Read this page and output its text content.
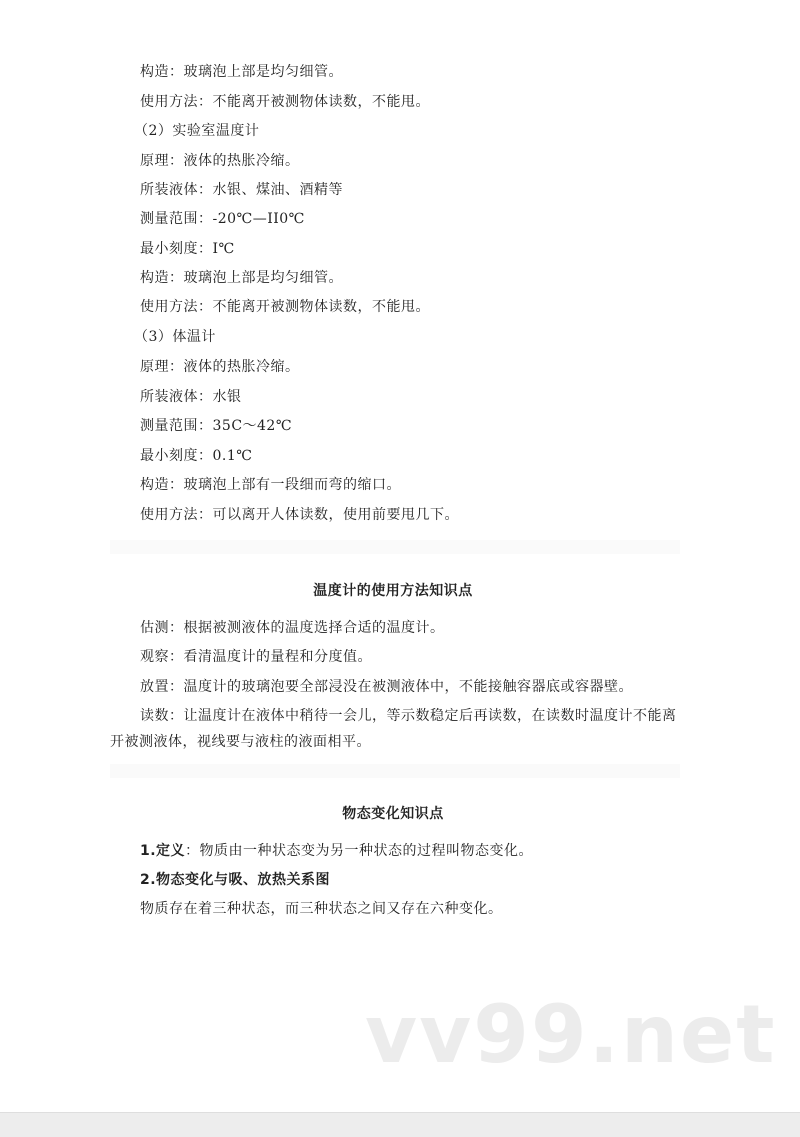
构造：玻璃泡上部是均匀细管。
使用方法：不能离开被测物体读数，不能甩。
（2）实验室温度计
原理：液体的热胀冷缩。
所装液体：水银、煤油、酒精等
测量范围：-20℃—II0℃
最小刻度：I℃
构造：玻璃泡上部是均匀细管。
使用方法：不能离开被测物体读数，不能甩。
（3）体温计
原理：液体的热胀冷缩。
所装液体：水银
测量范围：35C～42℃
最小刻度：0.1℃
构造：玻璃泡上部有一段细而弯的缩口。
使用方法：可以离开人体读数，使用前要甩几下。
温度计的使用方法知识点
估测：根据被测液体的温度选择合适的温度计。
观察：看清温度计的量程和分度值。
放置：温度计的玻璃泡要全部浸没在被测液体中，不能接触容器底或容器壁。
读数：让温度计在液体中稍待一会儿，等示数稳定后再读数，在读数时温度计不能离开被测液体，视线要与液柱的液面相平。
物态变化知识点
1.定义：物质由一种状态变为另一种状态的过程叫物态变化。
2.物态变化与吸、放热关系图
物质存在着三种状态，而三种状态之间又存在六种变化。
vv99.net
